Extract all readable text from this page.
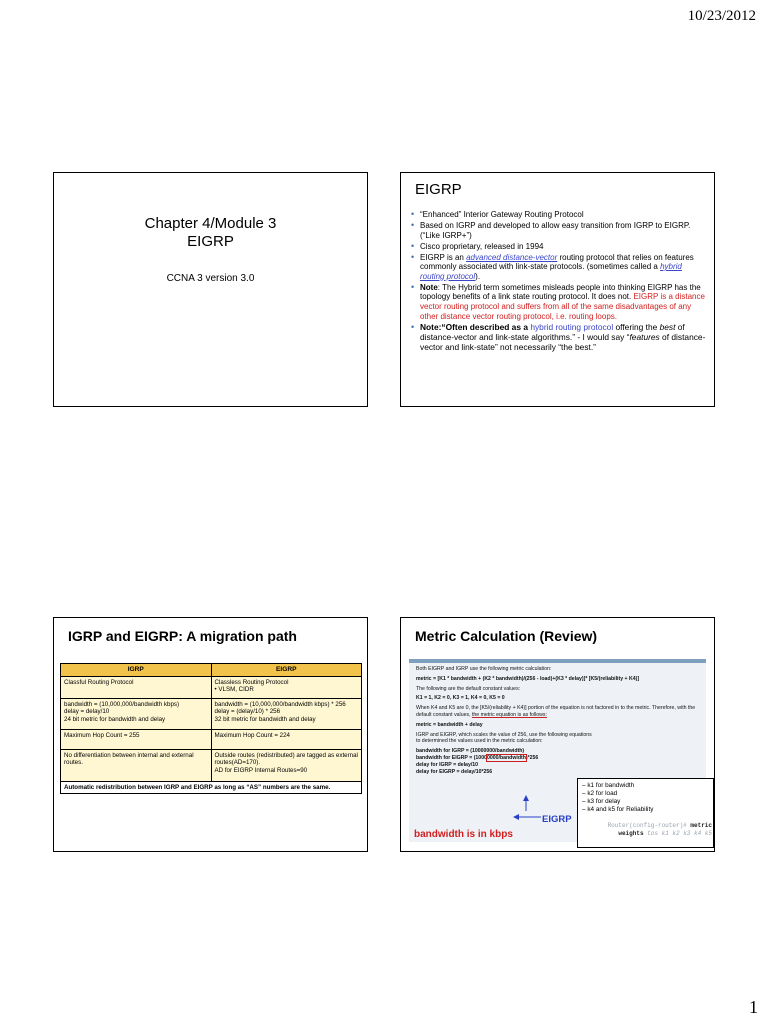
10/23/2012
Chapter 4/Module 3
EIGRP
CCNA 3 version 3.0
EIGRP
• “Enhanced” Interior Gateway Routing Protocol
• Based on IGRP and developed to allow easy transition from IGRP to EIGRP. (“Like IGRP+”)
• Cisco proprietary, released in 1994
• EIGRP is an advanced distance-vector routing protocol that relies on features commonly associated with link-state protocols. (sometimes called a hybrid routing protocol).
• Note: The Hybrid term sometimes misleads people into thinking EIGRP has the topology benefits of a link state routing protocol. It does not. EIGRP is a distance vector routing protocol and suffers from all of the same disadvantages of any other distance vector routing protocol, i.e. routing loops.
• Note:“Often described as a hybrid routing protocol offering the best of distance-vector and link-state algorithms.” - I would say “features of distance-vector and link-state” not necessarily “the best.”
IGRP and EIGRP: A migration path
IGRP	EIGRP
Classful Routing Protocol	Classless Routing Protocol
• VLSM, CIDR
bandwidth = (10,000,000/bandwidth kbps)
delay = delay/10
24 bit metric for bandwidth and delay	bandwidth = (10,000,000/bandwidth kbps) * 256
delay = (delay/10) * 256
32 bit metric for bandwidth and delay
Maximum Hop Count = 255	Maximum Hop Count = 224
No differentiation between internal and external routes.	Outside routes (redistributed) are tagged as external routes(AD=170).
AD for EIGRP Internal Routes=90
Automatic redistribution between IGRP and EIGRP as long as “AS” numbers are the same.	
Metric Calculation (Review)

Both EIGRP and IGRP use the following metric calculation:

metric = [K1 * bandwidth + (K2 * bandwidth)/(256 - load)+(K3 * delay)]* [K5/(reliability + K4)]

The following are the default constant values:

K1 = 1, K2 = 0, K3 = 1, K4 = 0, K5 = 0

When K4 and K5 are 0, the [K5/(reliability + K4)] portion of the equation is not factored in to the metric. Therefore, with the default constant values, the metric equation is as follows:

metric = bandwidth + delay

IGRP and EIGRP, which scales the value of 256, use the following equations to determined the values used in the metric calculation:

bandwidth for IGRP = (10000000/bandwidth)
bandwidth for EIGRP = (10000000/bandwidth)*256
delay for IGRP = delay/10
delay for EIGRP = delay/10*256
EIGRP
bandwidth is in kbps
– k1 for bandwidth
– k2 for load
– k3 for delay
– k4 and k5 for Reliability
Router(config-router)# metric
weights tos k1 k2 k3 k4 k5
1
